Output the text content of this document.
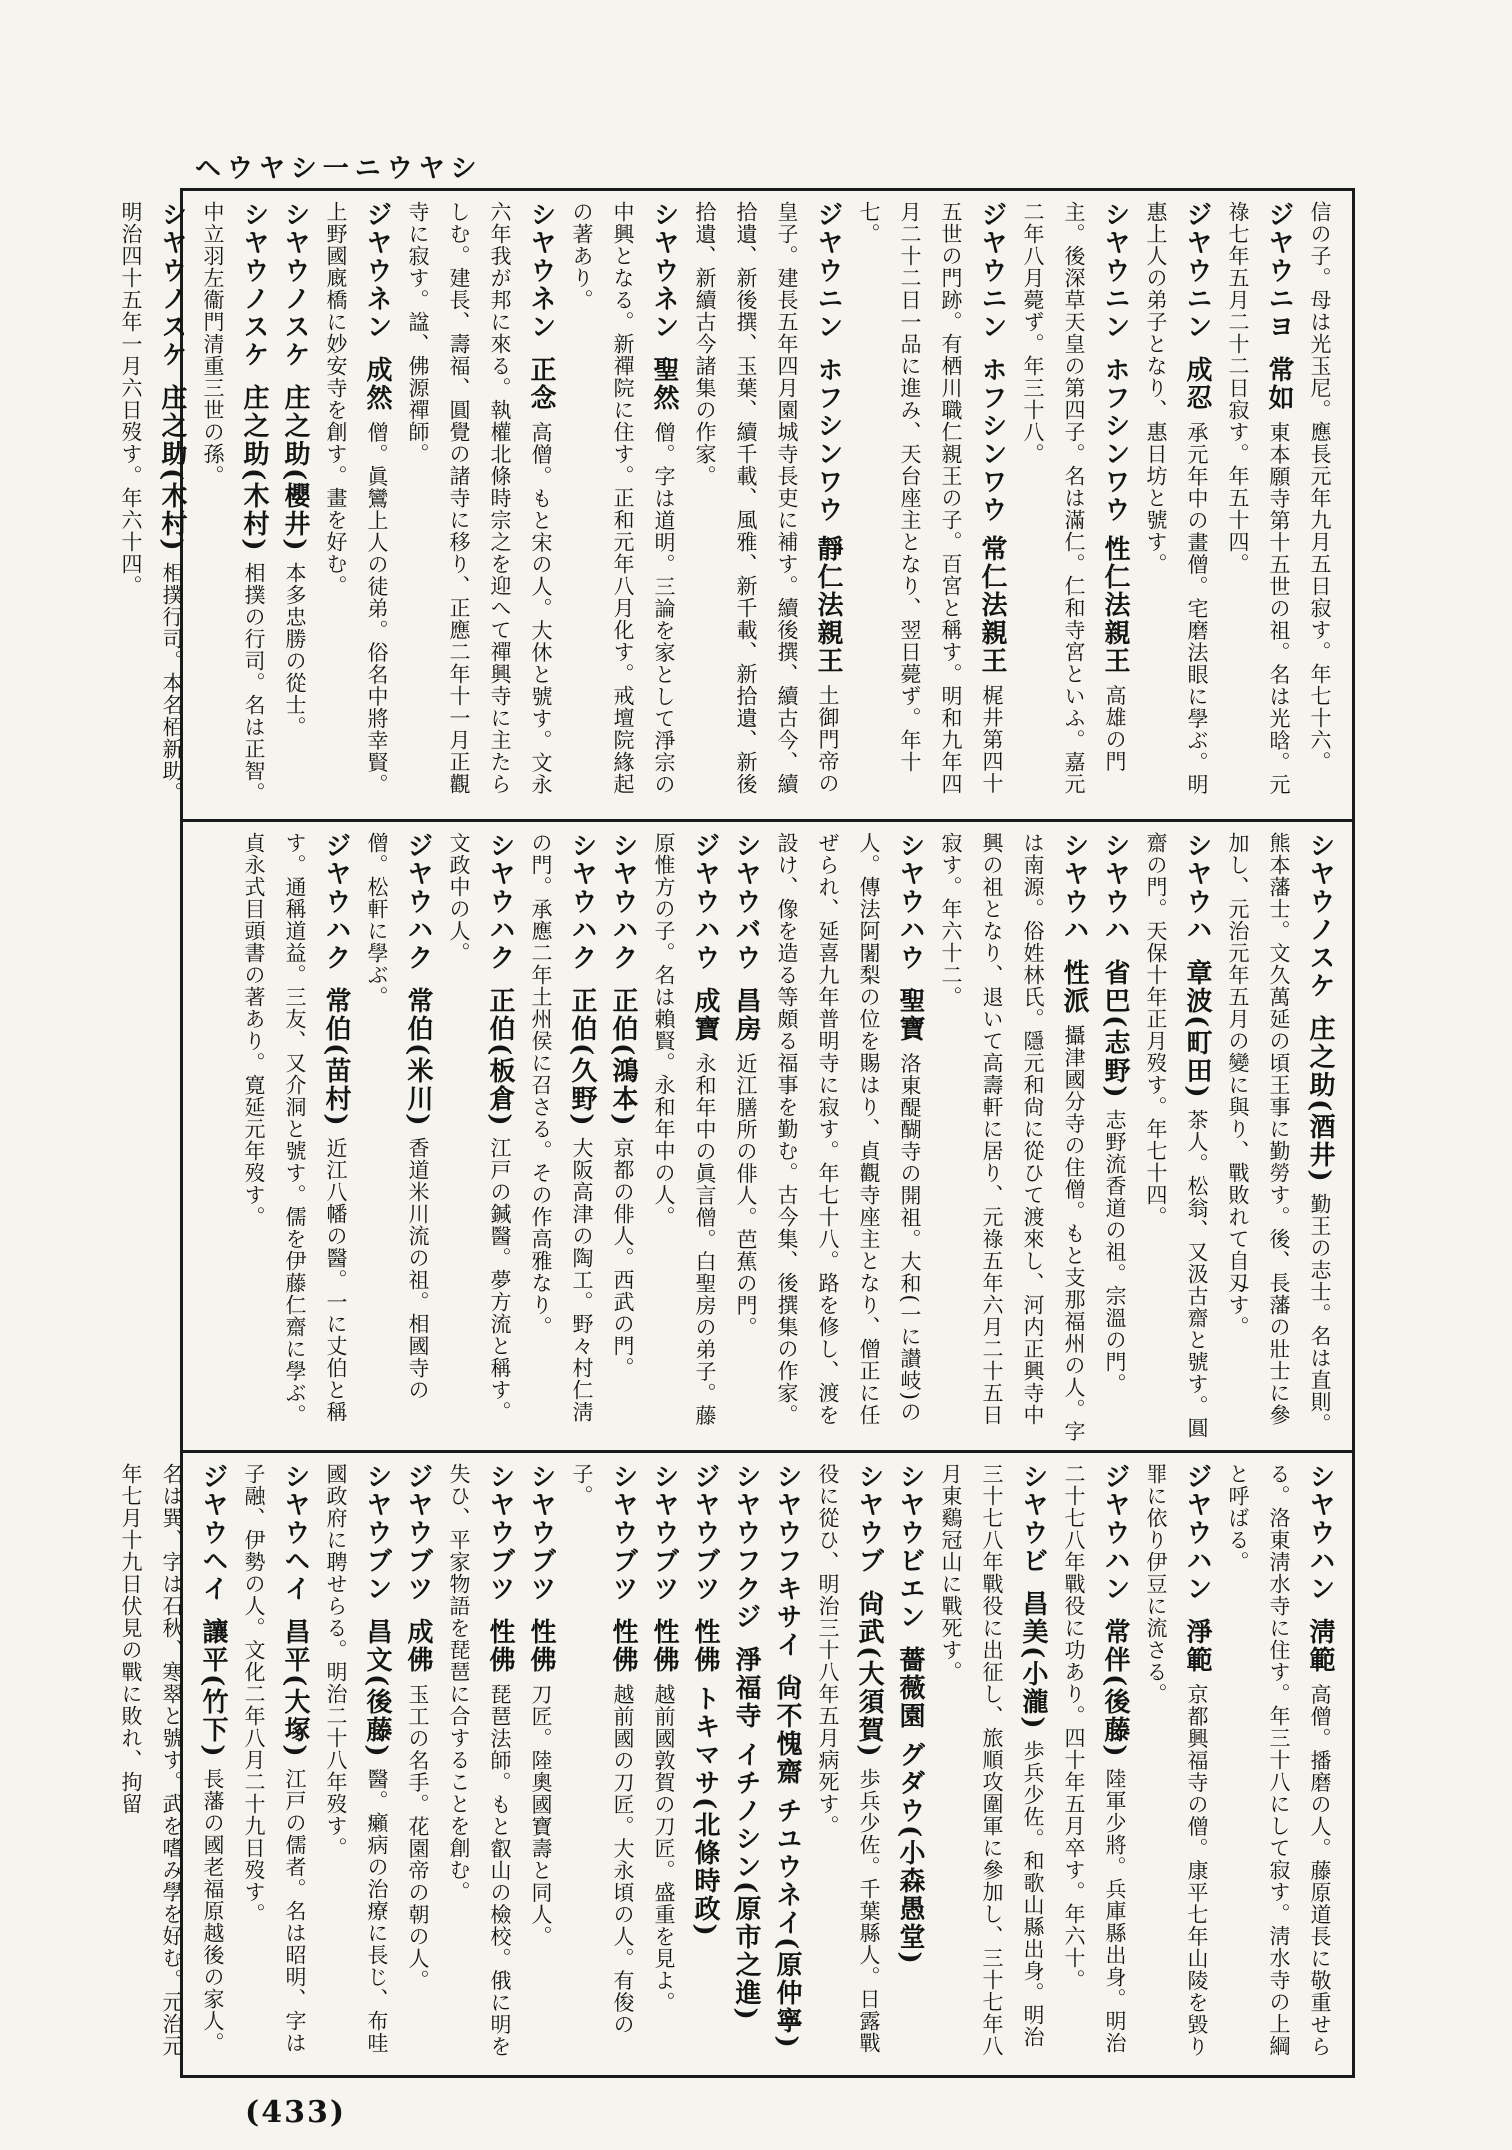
ヘウヤシ一ニウヤシ

信の子。母は光玉尼。應長元年九月五日寂す。年七十六。

ジヤウニヨ 常如 東本願寺第十五世の祖。名は光晗。元祿七年五月二十二日寂す。年五十四。

ジヤウニン 成忍 承元年中の畫僧。宅磨法眼に學ぶ。明惠上人の弟子となり、惠日坊と號す。

シヤウニン ホフシンワウ 性仁法親王 高雄の門主。後深草天皇の第四子。名は滿仁。仁和寺宮といふ。嘉元二年八月薨ず。年三十八。

ジヤウニン ホフシンワウ 常仁法親王 梶井第四十五世の門跡。有栖川職仁親王の子。百宮と稱す。明和九年四月二十二日一品に進み、天台座主となり、翌日薨ず。年十七。

ジヤウニン ホフシンワウ 靜仁法親王 土御門帝の皇子。建長五年四月園城寺長吏に補す。續後撰、續古今、續拾遺、新後撰、玉葉、續千載、風雅、新千載、新拾遺、新後拾遺、新續古今諸集の作家。

シヤウネン 聖然 僧。字は道明。三論を家として淨宗の中興となる。新禪院に住す。正和元年八月化す。戒壇院緣起の著あり。

シヤウネン 正念 高僧。もと宋の人。大休と號す。文永六年我が邦に來る。執權北條時宗之を迎へて禪興寺に主たらしむ。建長、壽福、圓覺の諸寺に移り、正應二年十一月正觀寺に寂す。諡、佛源禪師。

ジヤウネン 成然 僧。眞鸞上人の徒弟。俗名中將幸賢。上野國廐橋に妙安寺を創す。畫を好む。

シヤウノスケ 庄之助(櫻井) 本多忠勝の從士。

シヤウノスケ 庄之助(木村) 相撲の行司。名は正智。中立羽左衞門清重三世の孫。

シヤウノスケ 庄之助(木村) 相撲行司。本名栢新助。明治四十五年一月六日歿す。年六十四。

シヤウノスケ 庄之助(酒井) 勤王の志士。名は直則。熊本藩士。文久萬延の頃王事に勤勞す。後、長藩の壯士に參加し、元治元年五月の變に與り、戰敗れて自刄す。

シヤウハ 章波(町田) 茶人。松翁、又汲古齋と號す。圓齋の門。天保十年正月歿す。年七十四。

シヤウハ 省巴(志野) 志野流香道の祖。宗溫の門。

シヤウハ 性派 攝津國分寺の住僧。もと支那福州の人。字は南源。俗姓林氏。隱元和尙に從ひて渡來し、河内正興寺中興の祖となり、退いて高壽軒に居り、元祿五年六月二十五日寂す。年六十二。

シヤウハウ 聖寶 洛東醍醐寺の開祖。大和(一に讃岐)の人。傳法阿闍梨の位を賜はり、貞觀寺座主となり、僧正に任ぜられ、延喜九年普明寺に寂す。年七十八。路を修し、渡を設け、像を造る等頗る福事を勤む。古今集、後撰集の作家。

シヤウバウ 昌房 近江膳所の俳人。芭蕉の門。

ジヤウハウ 成寶 永和年中の眞言僧。白聖房の弟子。藤原惟方の子。名は賴賢。永和年中の人。

シヤウハク 正伯(鴻本) 京都の俳人。西武の門。

シヤウハク 正伯(久野) 大阪高津の陶工。野々村仁淸の門。承應二年土州侯に召さる。その作高雅なり。

シヤウハク 正伯(板倉) 江戸の鍼醫。夢方流と稱す。文政中の人。

ジヤウハク 常伯(米川) 香道米川流の祖。相國寺の僧。松軒に學ぶ。

ジヤウハク 常伯(苗村) 近江八幡の醫。一に丈伯と稱す。通稱道益。三友、又介洞と號す。儒を伊藤仁齋に學ぶ。貞永式目頭書の著あり。寛延元年歿す。

シヤウハン 淸範 高僧。播磨の人。藤原道長に敬重せらる。洛東淸水寺に住す。年三十八にして寂す。淸水寺の上綱と呼ばる。

ジヤウハン 淨範 京都興福寺の僧。康平七年山陵を毀り罪に依り伊豆に流さる。

ジヤウハン 常伴(後藤) 陸軍少將。兵庫縣出身。明治二十七八年戰役に功あり。四十年五月卒す。年六十。

シヤウビ 昌美(小瀧) 歩兵少佐。和歌山縣出身。明治三十七八年戰役に出征し、旅順攻圍軍に參加し、三十七年八月東鷄冠山に戰死す。

シヤウビエン 薔薇園 グダウ(小森愚堂)

シヤウブ 尙武(大須賀) 歩兵少佐。千葉縣人。日露戰役に從ひ、明治三十八年五月病死す。

シヤウフキサイ 尙不愧齋 チユウネイ(原仲寧)

シヤウフクジ 淨福寺 イチノシン(原市之進)

ジヤウブツ 性佛 トキマサ(北條時政)

シヤウブツ 性佛 越前國敦賀の刀匠。盛重を見よ。

シヤウブツ 性佛 越前國の刀匠。大永頃の人。有俊の子。

シヤウブツ 性佛 刀匠。陸奧國寶壽と同人。

シヤウブツ 性佛 琵琶法師。もと叡山の檢校。俄に明を失ひ、平家物語を琵琶に合することを創む。

ジヤウブツ 成佛 玉工の名手。花園帝の朝の人。

シヤウブン 昌文(後藤) 醫。癩病の治療に長じ、布哇國政府に聘せらる。明治二十八年歿す。

シヤウヘイ 昌平(大塚) 江戸の儒者。名は昭明、字は子融、伊勢の人。文化二年八月二十九日歿す。

ジヤウヘイ 讓平(竹下) 長藩の國老福原越後の家人。名は巽、字は石秋、寒翠と號す。武を嗜み學を好む。元治元年七月十九日伏見の戰に敗れ、拘留

(433)
